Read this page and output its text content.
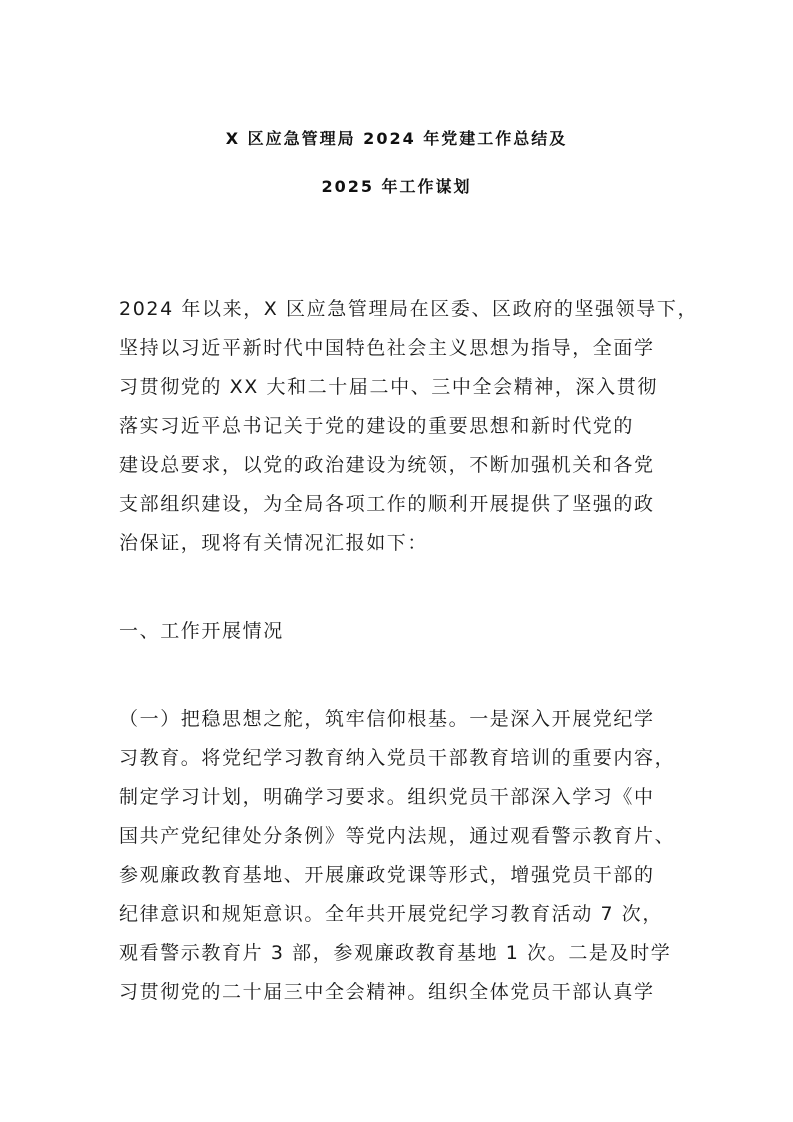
X 区应急管理局 2024 年党建工作总结及
2025 年工作谋划
2024 年以来，X 区应急管理局在区委、区政府的坚强领导下，
坚持以习近平新时代中国特色社会主义思想为指导，全面学
习贯彻党的 XX 大和二十届二中、三中全会精神，深入贯彻
落实习近平总书记关于党的建设的重要思想和新时代党的
建设总要求，以党的政治建设为统领，不断加强机关和各党
支部组织建设，为全局各项工作的顺利开展提供了坚强的政
治保证，现将有关情况汇报如下：
一、工作开展情况
（一）把稳思想之舵，筑牢信仰根基。一是深入开展党纪学
习教育。将党纪学习教育纳入党员干部教育培训的重要内容，
制定学习计划，明确学习要求。组织党员干部深入学习《中
国共产党纪律处分条例》等党内法规，通过观看警示教育片、
参观廉政教育基地、开展廉政党课等形式，增强党员干部的
纪律意识和规矩意识。全年共开展党纪学习教育活动 7 次，
观看警示教育片 3 部，参观廉政教育基地 1 次。二是及时学
习贯彻党的二十届三中全会精神。组织全体党员干部认真学
